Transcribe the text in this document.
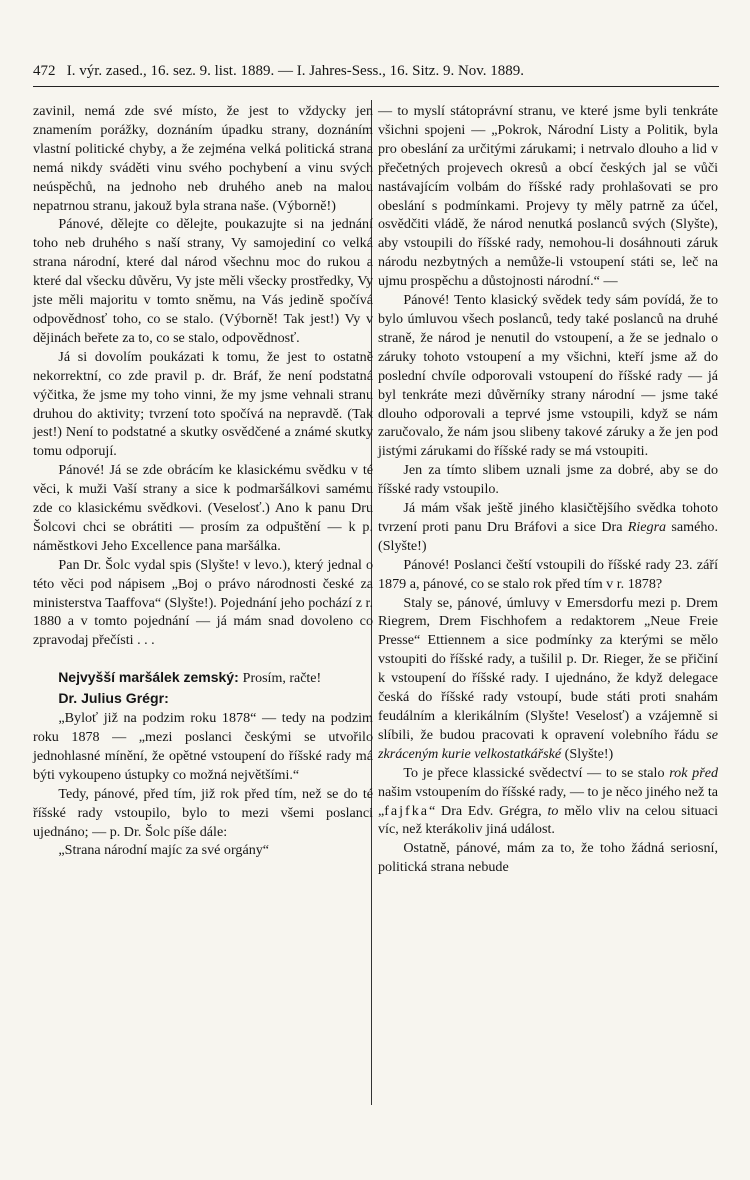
472 I. výr. zased., 16. sez. 9. list. 1889. — I. Jahres-Sess., 16. Sitz. 9. Nov. 1889.

zavinil, nemá zde své místo, že jest to vždycky jen znamením porážky, doznáním úpadku strany, doznáním vlastní politické chyby, a že zejména velká politická strana nemá nikdy sváděti vinu svého pochybení a vinu svých neúspěchů, na jednoho neb druhého aneb na malou nepatrnou stranu, jakouž byla strana naše. (Výborně!)

Pánové, dělejte co dělejte, poukazujte si na jednání toho neb druhého s naší strany, Vy samojediní co velká strana národní, které dal národ všechnu moc do rukou a které dal všecku důvěru, Vy jste měli všecky prostředky, Vy jste měli majoritu v tomto sněmu, na Vás jedině spočívá odpovědnosť toho, co se stalo. (Výborně! Tak jest!) Vy v dějinách beřete za to, co se stalo, odpovědnosť.

Já si dovolím poukázati k tomu, že jest to ostatně nekorrektní, co zde pravil p. dr. Bráf, že není podstatná výčitka, že jsme my toho vinni, že my jsme vehnali stranu druhou do aktivity; tvrzení toto spočívá na nepravdě. (Tak jest!) Není to podstatné a skutky osvědčené a známé skutky tomu odporují.

Pánové! Já se zde obrácím ke klasickému svědku v té věci, k muži Vaší strany a sice k podmaršálkovi samému zde co klasickému svědkovi. (Veselosť.) Ano k panu Dru Šolcovi chci se obrátiti — prosím za odpuštění — k p. náměstkovi Jeho Excellence pana maršálka.

Pan Dr. Šolc vydal spis (Slyšte! v levo.), který jednal o této věci pod nápisem „Boj o právo národnosti české za ministerstva Taaffova“ (Slyšte!). Pojednání jeho pochází z r. 1880 a v tomto pojednání — já mám snad dovoleno co zpravodaj přečísti . . .

Nejvyšší maršálek zemský: Prosím, račte!

Dr. Julius Grégr:

„Byloť již na podzim roku 1878“ — tedy na podzim roku 1878 — „mezi poslanci českými se utvořilo jednohlasné mínění, že opětné vstoupení do říšské rady má býti vykoupeno ústupky co možná největšími.“

Tedy, pánové, před tím, již rok před tím, než se do té říšské rady vstoupilo, bylo to mezi všemi poslanci ujednáno; — p. Dr. Šolc píše dále:

„Strana národní majíc za své orgány“

— to myslí státoprávní stranu, ve které jsme byli tenkráte všichni spojeni — „Pokrok, Národní Listy a Politik, byla pro obeslání za určitými zárukami; i netrvalo dlouho a lid v přečetných projevech okresů a obcí českých jal se vůči nastávajícím volbám do říšské rady prohlašovati se pro obeslání s podmínkami. Projevy ty měly patrně za účel, osvědčiti vládě, že národ nenutká poslanců svých (Slyšte), aby vstoupili do říšské rady, nemohou-li dosáhnouti záruk národu nezbytných a nemůže-li vstoupení státi se, leč na ujmu prospěchu a důstojnosti národní.“ —

Pánové! Tento klasický svědek tedy sám povídá, že to bylo úmluvou všech poslanců, tedy také poslanců na druhé straně, že národ je nenutil do vstoupení, a že se jednalo o záruky tohoto vstoupení a my všichni, kteří jsme až do poslední chvíle odporovali vstoupení do říšské rady — já byl tenkráte mezi důvěrníky strany národní — jsme také dlouho odporovali a teprvé jsme vstoupili, když se nám zaručovalo, že nám jsou slibeny takové záruky a že jen pod jistými zárukami do říšské rady se má vstoupiti.

Jen za tímto slibem uznali jsme za dobré, aby se do říšské rady vstoupilo.

Já mám však ještě jiného klasičtějšího svědka tohoto tvrzení proti panu Dru Bráfovi a sice Dra Riegra samého. (Slyšte!)

Pánové! Poslanci čeští vstoupili do říšské rady 23. září 1879 a, pánové, co se stalo rok před tím v r. 1878?

Staly se, pánové, úmluvy v Emersdorfu mezi p. Drem Riegrem, Drem Fischhofem a redaktorem „Neue Freie Presse“ Ettiennem a sice podmínky za kterými se mělo vstoupiti do říšské rady, a tušilil p. Dr. Rieger, že se přičiní k vstoupení do říšské rady. I ujednáno, že když delegace česká do říšské rady vstoupí, bude státi proti snahám feudálním a klerikálním (Slyšte! Veselosť) a vzájemně si slíbili, že budou pracovati k opravení volebního řádu se zkráceným kurie velkostatkářské (Slyšte!)

To je přece klassické svědectví — to se stalo rok před našim vstoupením do říšské rady, — to je něco jiného než ta „fajfka“ Dra Edv. Grégra, to mělo vliv na celou situaci víc, než kterákoliv jiná událost.

Ostatně, pánové, mám za to, že toho žádná seriosní, politická strana nebude
